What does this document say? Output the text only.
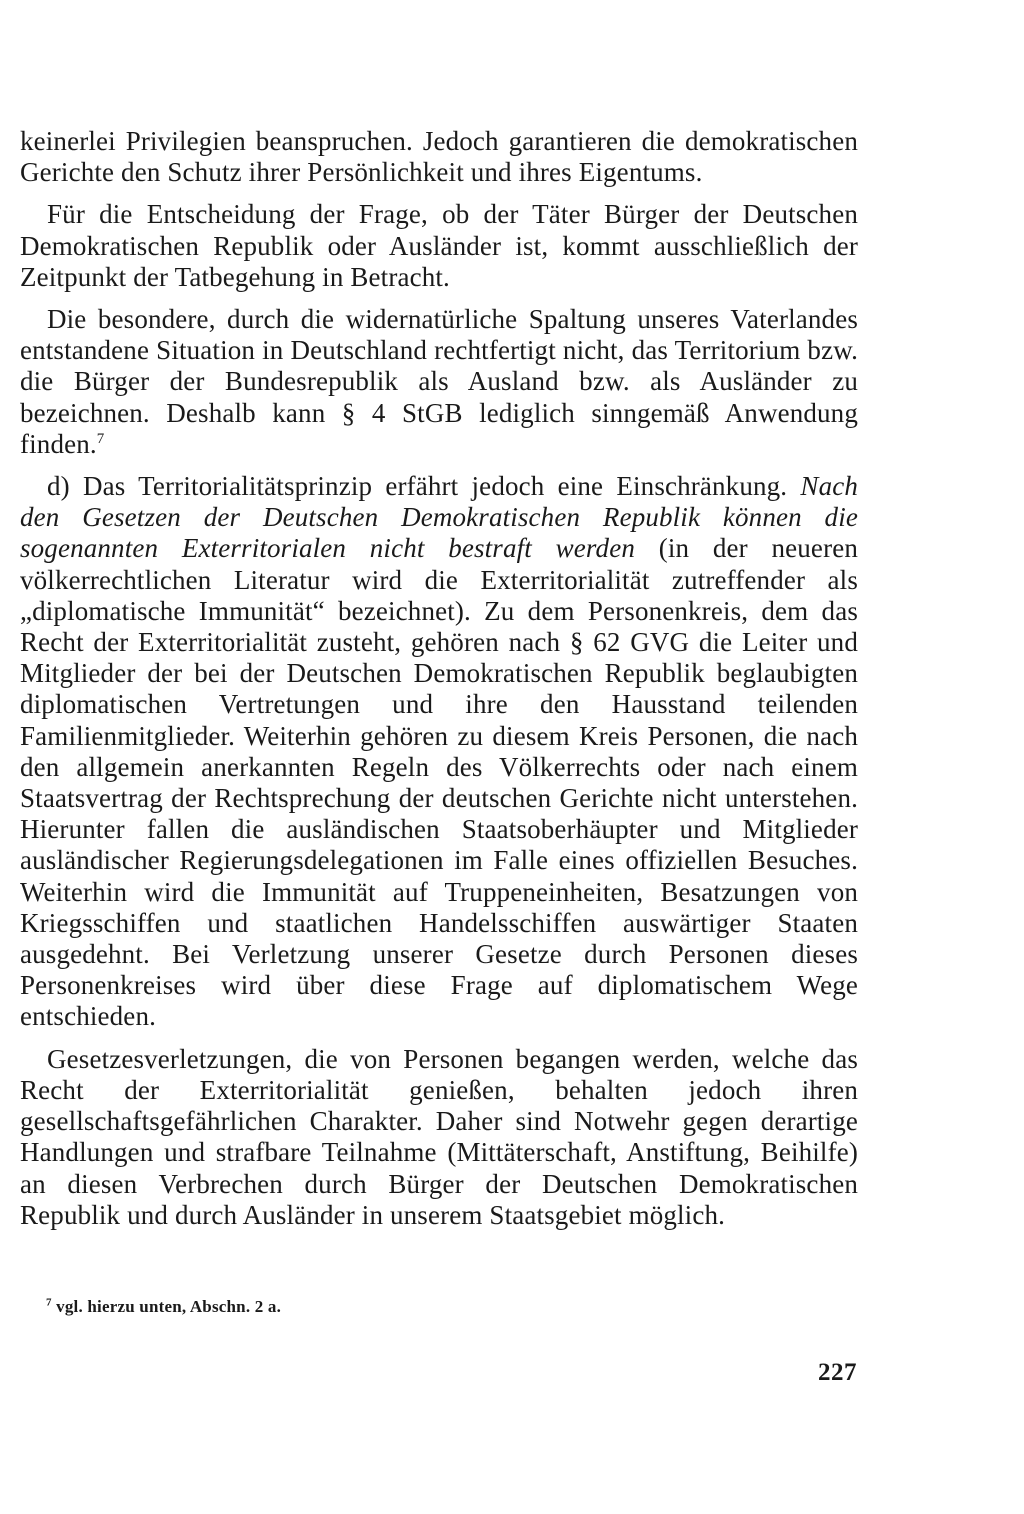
keinerlei Privilegien beanspruchen. Jedoch garantieren die demokratischen Gerichte den Schutz ihrer Persönlichkeit und ihres Eigentums.

Für die Entscheidung der Frage, ob der Täter Bürger der Deutschen Demokratischen Republik oder Ausländer ist, kommt ausschließlich der Zeitpunkt der Tatbegehung in Betracht.

Die besondere, durch die widernatürliche Spaltung unseres Vaterlandes entstandene Situation in Deutschland rechtfertigt nicht, das Territorium bzw. die Bürger der Bundesrepublik als Ausland bzw. als Ausländer zu bezeichnen. Deshalb kann § 4 StGB lediglich sinngemäß Anwendung finden.$^7$

d) Das Territorialitätsprinzip erfährt jedoch eine Einschränkung. Nach den Gesetzen der Deutschen Demokratischen Republik können die sogenannten Exterritorialen nicht bestraft werden (in der neueren völkerrechtlichen Literatur wird die Exterritorialität zutreffender als „diplomatische Immunität“ bezeichnet). Zu dem Personenkreis, dem das Recht der Exterritorialität zusteht, gehören nach § 62 GVG die Leiter und Mitglieder der bei der Deutschen Demokratischen Republik beglaubigten diplomatischen Vertretungen und ihre den Hausstand teilenden Familienmitglieder. Weiterhin gehören zu diesem Kreis Personen, die nach den allgemein anerkannten Regeln des Völkerrechts oder nach einem Staatsvertrag der Rechtsprechung der deutschen Gerichte nicht unterstehen. Hierunter fallen die ausländischen Staatsoberhäupter und Mitglieder ausländischer Regierungsdelegationen im Falle eines offiziellen Besuches. Weiterhin wird die Immunität auf Truppeneinheiten, Besatzungen von Kriegsschiffen und staatlichen Handelsschiffen auswärtiger Staaten ausgedehnt. Bei Verletzung unserer Gesetze durch Personen dieses Personenkreises wird über diese Frage auf diplomatischem Wege entschieden.

Gesetzesverletzungen, die von Personen begangen werden, welche das Recht der Exterritorialität genießen, behalten jedoch ihren gesellschaftsgefährlichen Charakter. Daher sind Notwehr gegen derartige Handlungen und strafbare Teilnahme (Mittäterschaft, Anstiftung, Beihilfe) an diesen Verbrechen durch Bürger der Deutschen Demokratischen Republik und durch Ausländer in unserem Staatsgebiet möglich.

$^7$ vgl. hierzu unten, Abschn. 2 a.
227
